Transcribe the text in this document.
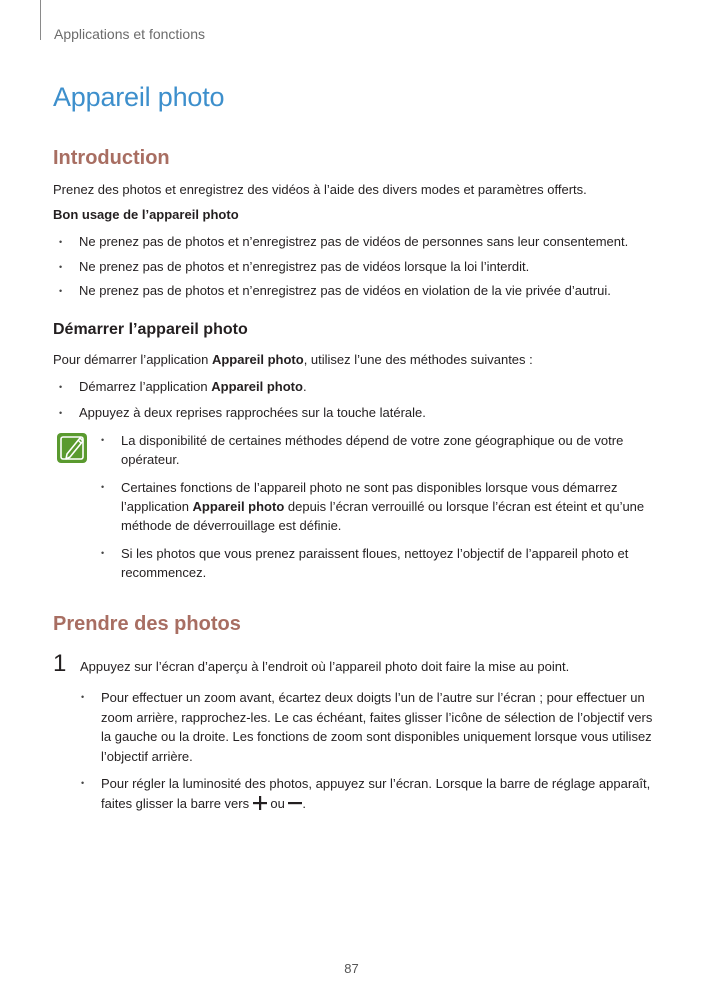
Applications et fonctions
Appareil photo
Introduction
Prenez des photos et enregistrez des vidéos à l’aide des divers modes et paramètres offerts.
Bon usage de l’appareil photo
• Ne prenez pas de photos et n’enregistrez pas de vidéos de personnes sans leur consentement.
• Ne prenez pas de photos et n’enregistrez pas de vidéos lorsque la loi l’interdit.
• Ne prenez pas de photos et n’enregistrez pas de vidéos en violation de la vie privée d’autrui.
Démarrer l’appareil photo
Pour démarrer l’application Appareil photo, utilisez l’une des méthodes suivantes :
• Démarrez l’application Appareil photo.
• Appuyez à deux reprises rapprochées sur la touche latérale.
• La disponibilité de certaines méthodes dépend de votre zone géographique ou de votre opérateur.
• Certaines fonctions de l’appareil photo ne sont pas disponibles lorsque vous démarrez l’application Appareil photo depuis l’écran verrouillé ou lorsque l’écran est éteint et qu’une méthode de déverrouillage est définie.
• Si les photos que vous prenez paraissent floues, nettoyez l’objectif de l’appareil photo et recommencez.
Prendre des photos
1 Appuyez sur l’écran d’aperçu à l’endroit où l’appareil photo doit faire la mise au point.
• Pour effectuer un zoom avant, écartez deux doigts l’un de l’autre sur l’écran ; pour effectuer un zoom arrière, rapprochez-les. Le cas échéant, faites glisser l’icône de sélection de l’objectif vers la gauche ou la droite. Les fonctions de zoom sont disponibles uniquement lorsque vous utilisez l’objectif arrière.
• Pour régler la luminosité des photos, appuyez sur l’écran. Lorsque la barre de réglage apparaît, faites glisser la barre vers  ou .
87
